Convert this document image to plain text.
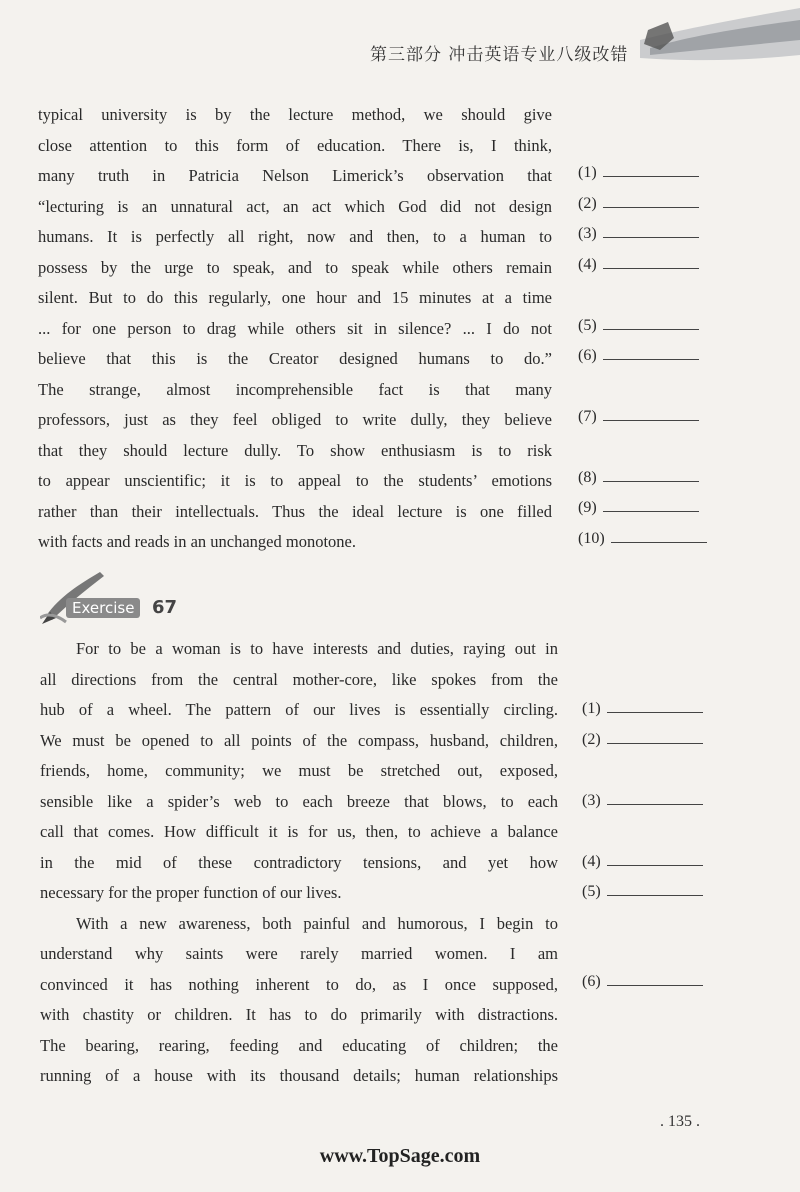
第三部分 冲击英语专业八级改错
typical university is by the lecture method, we should give
close attention to this form of education. There is, I think,
many truth in Patricia Nelson Limerick’s observation that
“lecturing is an unnatural act, an act which God did not design
humans. It is perfectly all right, now and then, to a human to
possess by the urge to speak, and to speak while others remain
silent. But to do this regularly, one hour and 15 minutes at a time
... for one person to drag while others sit in silence? ... I do not
believe that this is the Creator designed humans to do.”
The strange, almost incomprehensible fact is that many
professors, just as they feel obliged to write dully, they believe
that they should lecture dully. To show enthusiasm is to risk
to appear unscientific; it is to appeal to the students’ emotions
rather than their intellectuals. Thus the ideal lecture is one filled
with facts and reads in an unchanged monotone.
(1)
(2)
(3)
(4)
(5)
(6)
(7)
(8)
(9)
(10)
Exercise 67
For to be a woman is to have interests and duties, raying out in
all directions from the central mother-core, like spokes from the
hub of a wheel. The pattern of our lives is essentially circling.
We must be opened to all points of the compass, husband, children,
friends, home, community; we must be stretched out, exposed,
sensible like a spider’s web to each breeze that blows, to each
call that comes. How difficult it is for us, then, to achieve a balance
in the mid of these contradictory tensions, and yet how
necessary for the proper function of our lives.
With a new awareness, both painful and humorous, I begin to
understand why saints were rarely married women. I am
convinced it has nothing inherent to do, as I once supposed,
with chastity or children. It has to do primarily with distractions.
The bearing, rearing, feeding and educating of children; the
running of a house with its thousand details; human relationships
(1)
(2)
(3)
(4)
(5)
(6)
. 135 .
www.TopSage.com
